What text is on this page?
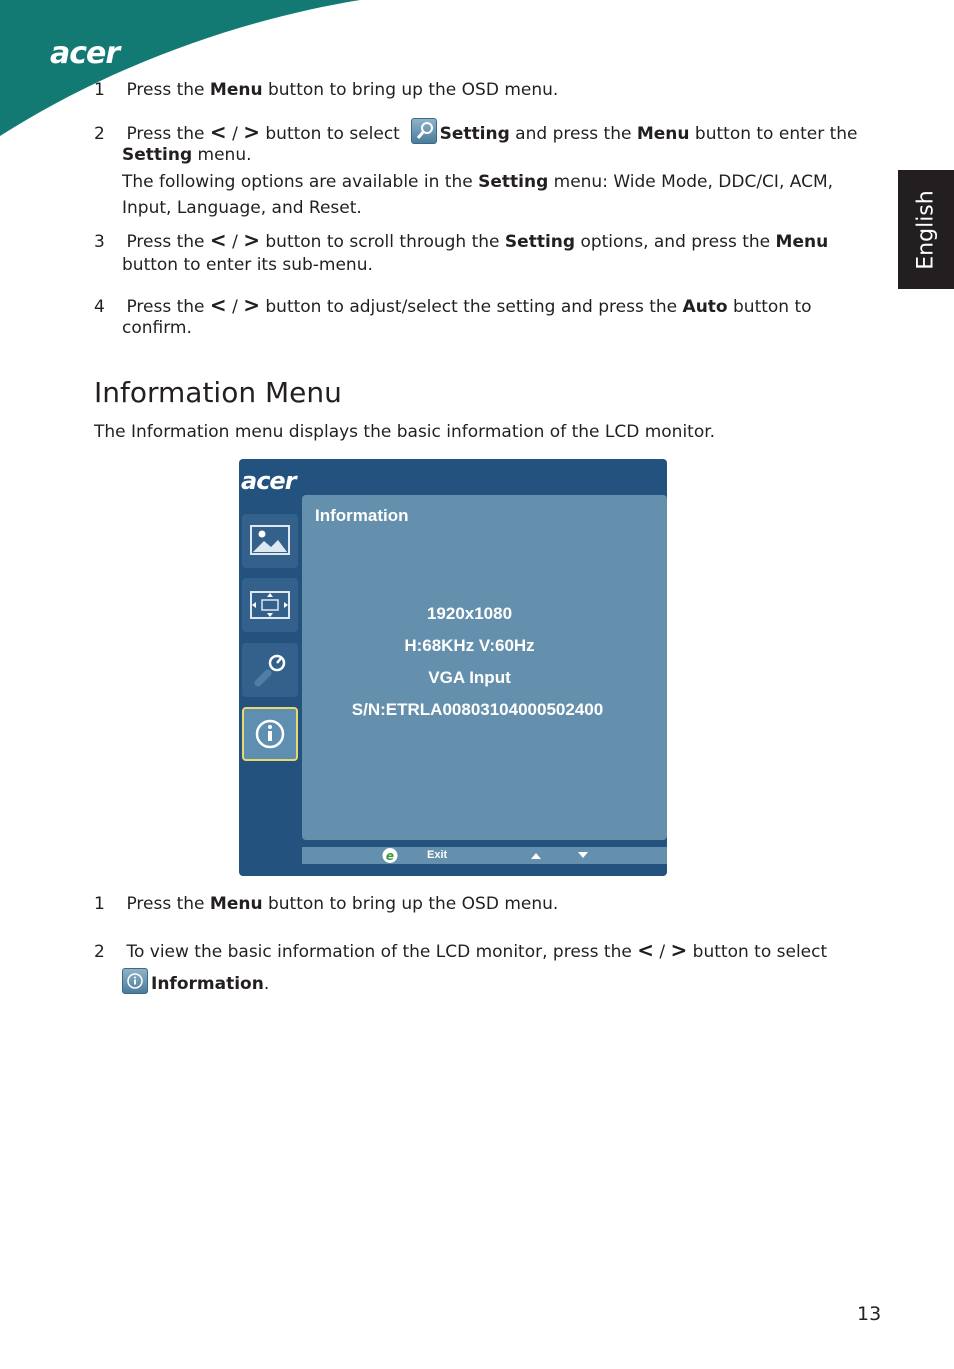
acer
English
1 Press the Menu button to bring up the OSD menu.
2 Press the < / > button to select
Setting and press the Menu button to enter the
Setting menu.
The following options are available in the Setting menu: Wide Mode, DDC/CI, ACM,
Input, Language, and Reset.
3 Press the < / > button to scroll through the Setting options, and press the Menu
button to enter its sub-menu.
4 Press the < / > button to adjust/select the setting and press the Auto button to
confirm.
Information Menu
The Information menu displays the basic information of the LCD monitor.
acer
Information
1920x1080
H:68KHz V:60Hz
VGA Input
S/N:ETRLA00803104000502400
e	Exit
1 Press the Menu button to bring up the OSD menu.
2 To view the basic information of the LCD monitor, press the < / > button to select
Information.
13
